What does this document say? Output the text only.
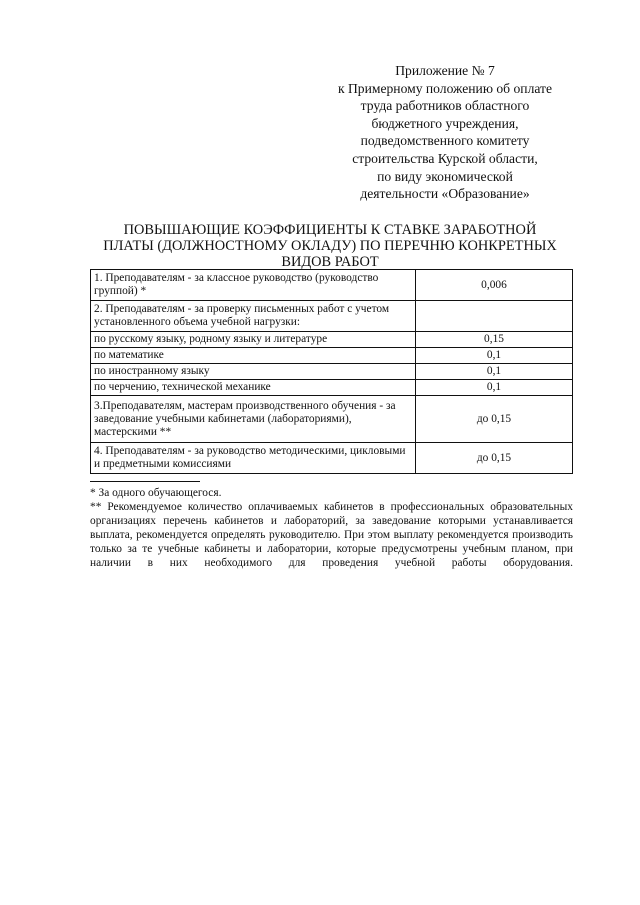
Приложение № 7
к Примерному положению об оплате
труда работников областного
бюджетного учреждения,
подведомственного комитету
строительства Курской области,
по виду экономической
деятельности «Образование»
ПОВЫШАЮЩИЕ КОЭФФИЦИЕНТЫ К СТАВКЕ ЗАРАБОТНОЙ
ПЛАТЫ (ДОЛЖНОСТНОМУ ОКЛАДУ) ПО ПЕРЕЧНЮ КОНКРЕТНЫХ
ВИДОВ РАБОТ
1. Преподавателям - за классное руководство (руководство группой) *	0,006
2. Преподавателям - за проверку письменных работ с учетом установленного объема учебной нагрузки:	
по русскому языку, родному языку и литературе	0,15
по математике	0,1
по иностранному языку	0,1
по черчению, технической механике	0,1
3.Преподавателям, мастерам производственного обучения - за заведование учебными кабинетами (лабораториями), мастерскими **	до 0,15
4. Преподавателям - за руководство методическими, цикловыми и предметными комиссиями	до 0,15

* За одного обучающегося.

** Рекомендуемое количество оплачиваемых кабинетов в профессиональных образовательных организациях перечень кабинетов и лабораторий, за заведование которыми устанавливается выплата, рекомендуется определять руководителю. При этом выплату рекомендуется производить только за те учебные кабинеты и лаборатории, которые предусмотрены учебным планом, при наличии в них необходимого для проведения учебной работы оборудования.
